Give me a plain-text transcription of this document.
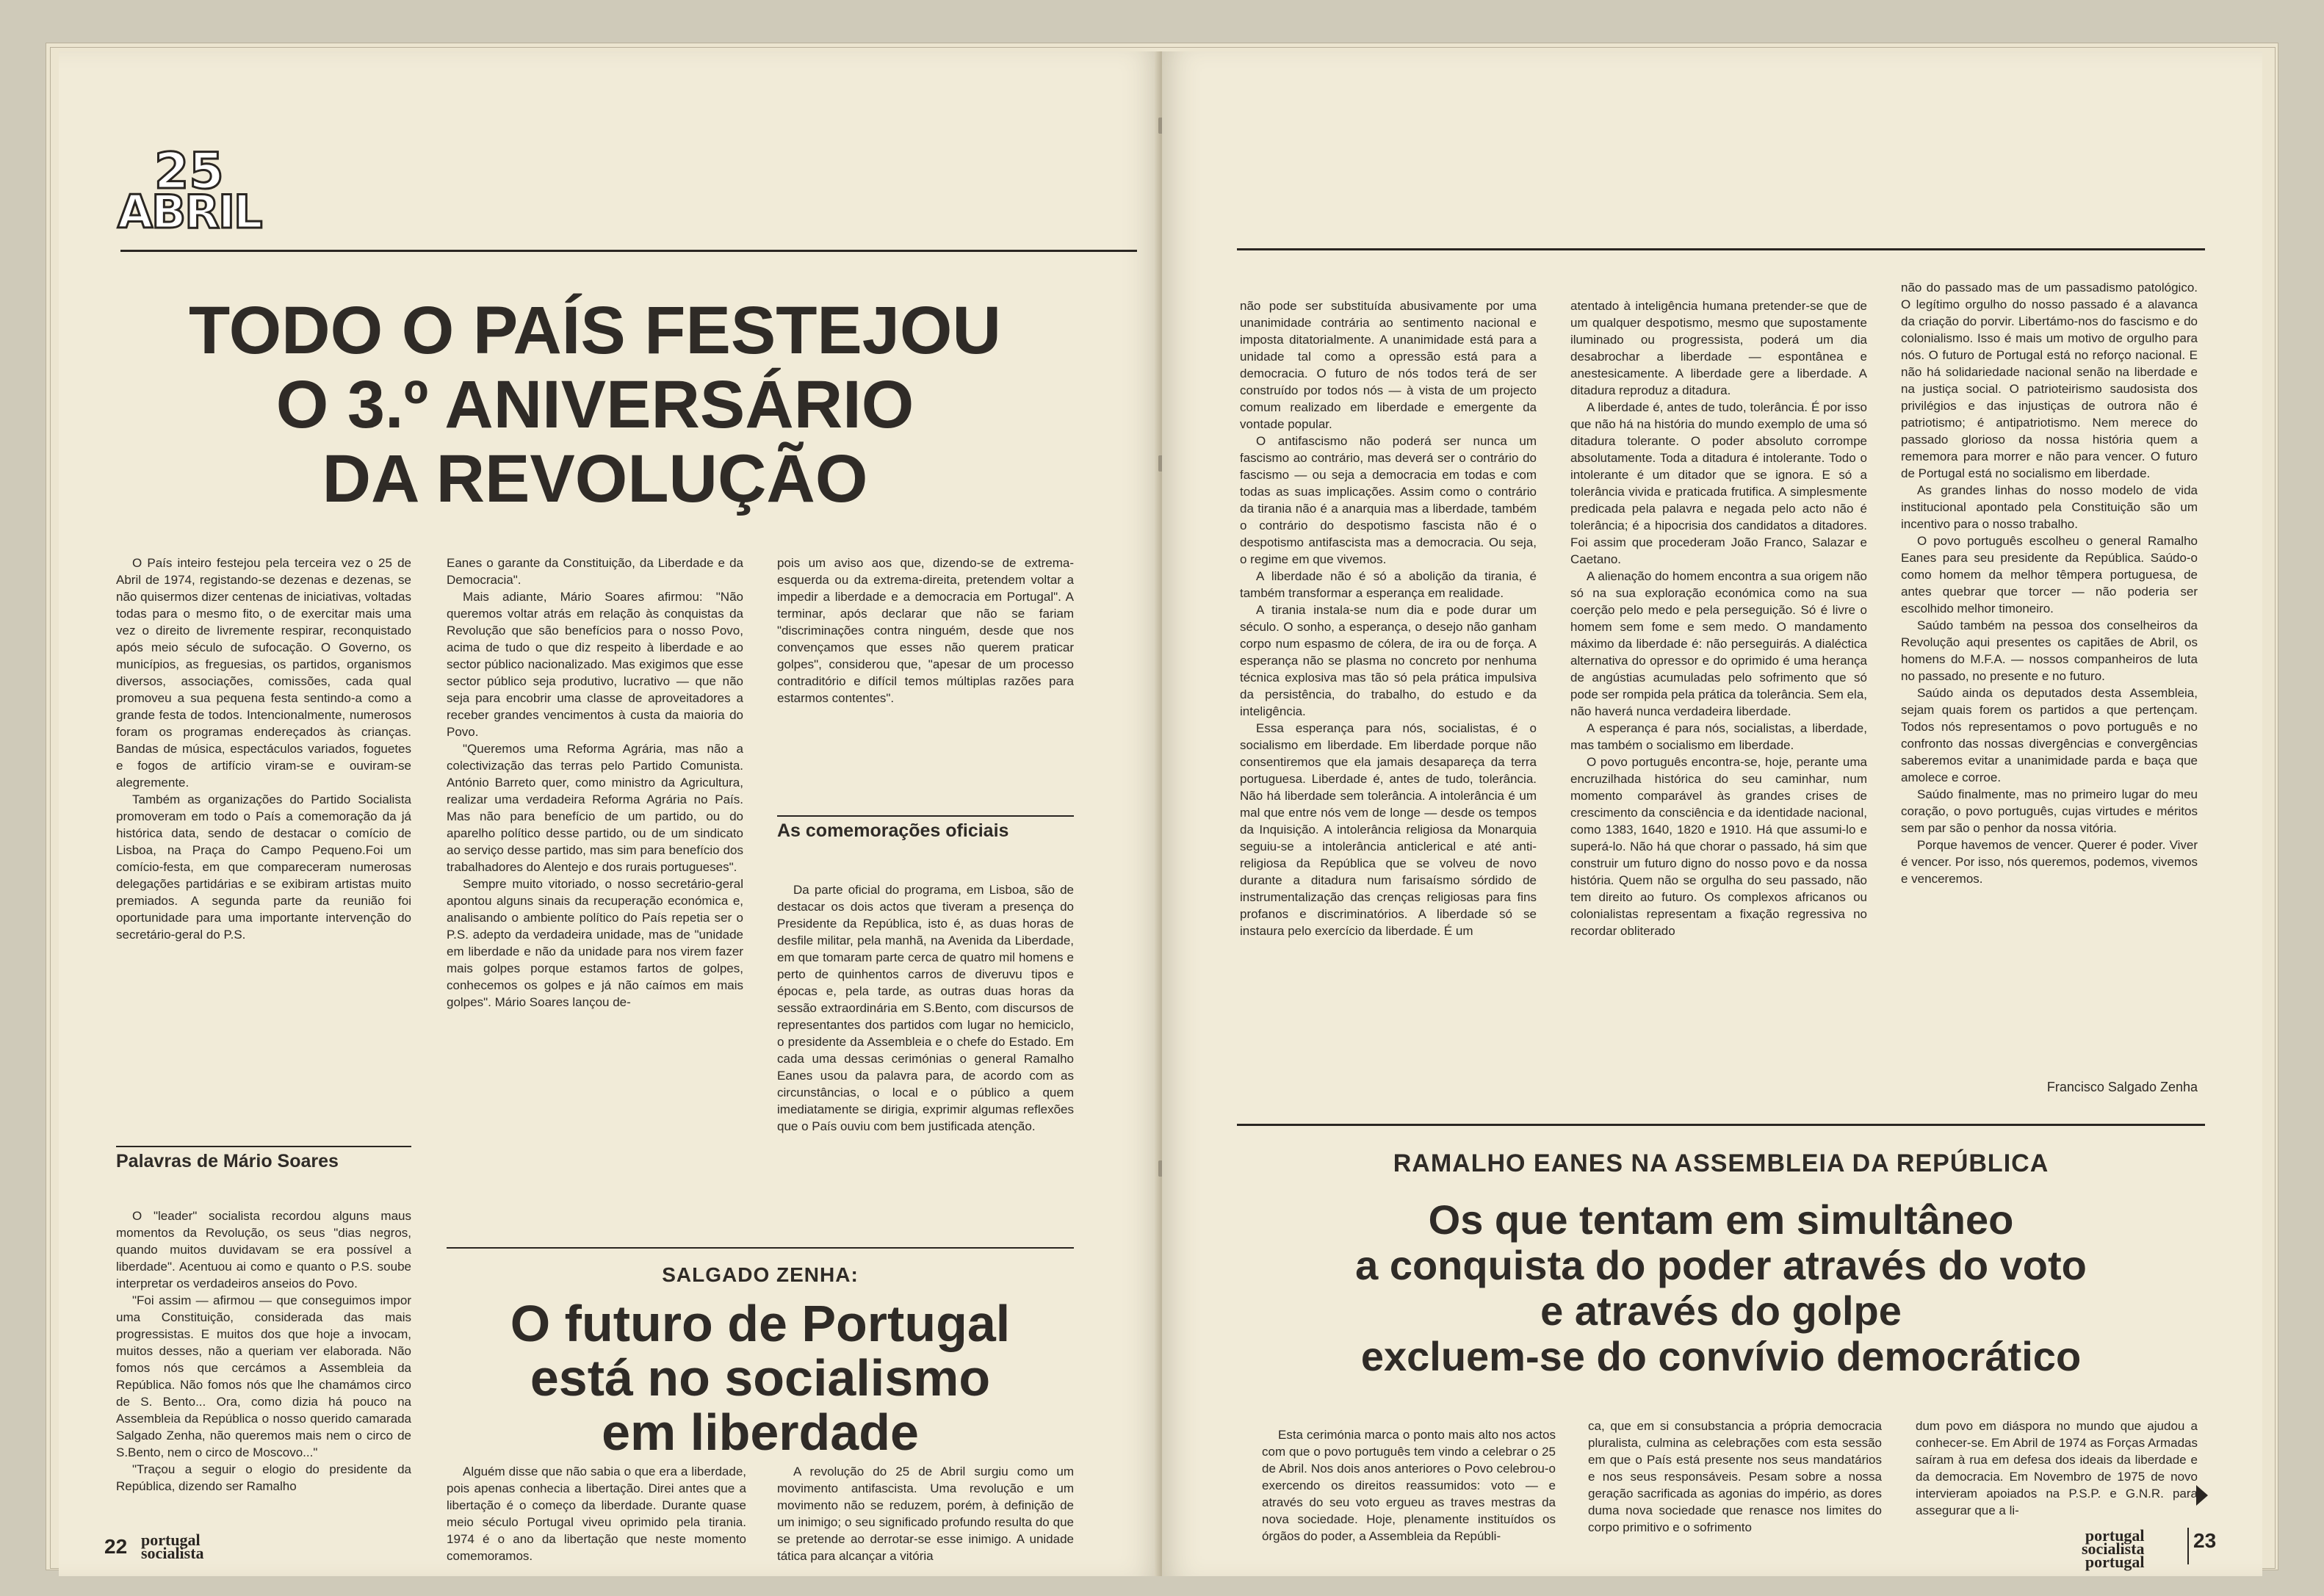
25
ABRIL
TODO O PAÍS FESTEJOU
O 3.º ANIVERSÁRIO
DA REVOLUÇÃO

O País inteiro festejou pela terceira vez o 25 de Abril de 1974, registando-se dezenas e dezenas, se não quisermos dizer centenas de iniciativas, voltadas todas para o mesmo fito, o de exercitar mais uma vez o direito de livremente respirar, reconquistado após meio século de sufocação. O Governo, os municípios, as freguesias, os partidos, organismos diversos, associações, comissões, cada qual promoveu a sua pequena festa sentindo-a como a grande festa de todos. Intencionalmente, numerosos foram os programas endereçados às crianças. Bandas de música, espectáculos variados, foguetes e fogos de artifício viram-se e ouviram-se alegremente.

Também as organizações do Partido Socialista promoveram em todo o País a comemoração da já histórica data, sendo de destacar o comício de Lisboa, na Praça do Campo Pequeno.Foi um comício-festa, em que compareceram numerosas delegações partidárias e se exibiram artistas muito premiados. A segunda parte da reunião foi oportunidade para uma importante intervenção do secretário-geral do P.S.

Palavras de Mário Soares

O "leader" socialista recordou alguns maus momentos da Revolução, os seus "dias negros, quando muitos duvidavam se era possível a liberdade". Acentuou ai como e quanto o P.S. soube interpretar os verdadeiros anseios do Povo.

"Foi assim — afirmou — que conseguimos impor uma Constituição, considerada das mais progressistas. E muitos dos que hoje a invocam, muitos desses, não a queriam ver elaborada. Não fomos nós que cercámos a Assembleia da República. Não fomos nós que lhe chamámos circo de S. Bento... Ora, como dizia há pouco na Assembleia da República o nosso querido camarada Salgado Zenha, não queremos mais nem o circo de S.Bento, nem o circo de Moscovo..."

"Traçou a seguir o elogio do presidente da República, dizendo ser Ramalho

Eanes o garante da Constituição, da Liberdade e da Democracia".

Mais adiante, Mário Soares afirmou: "Não queremos voltar atrás em relação às conquistas da Revolução que são benefícios para o nosso Povo, acima de tudo o que diz respeito à liberdade e ao sector público nacionalizado. Mas exigimos que esse sector público seja produtivo, lucrativo — que não seja para encobrir uma classe de aproveitadores a receber grandes vencimentos à custa da maioria do Povo.

"Queremos uma Reforma Agrária, mas não a colectivização das terras pelo Partido Comunista. António Barreto quer, como ministro da Agricultura, realizar uma verdadeira Reforma Agrária no País. Mas não para benefício de um partido, ou do aparelho político desse partido, ou de um sindicato ao serviço desse partido, mas sim para benefício dos trabalhadores do Alentejo e dos rurais portugueses".

Sempre muito vitoriado, o nosso secretário-geral apontou alguns sinais da recuperação económica e, analisando o ambiente político do País repetia ser o P.S. adepto da verdadeira unidade, mas de "unidade em liberdade e não da unidade para nos virem fazer mais golpes porque estamos fartos de golpes, conhecemos os golpes e já não caímos em mais golpes". Mário Soares lançou de-

pois um aviso aos que, dizendo-se de extrema-esquerda ou da extrema-direita, pretendem voltar a impedir a liberdade e a democracia em Portugal". A terminar, após declarar que não se fariam "discriminações contra ninguém, desde que nos convençamos que esses não querem praticar golpes", considerou que, "apesar de um processo contraditório e difícil temos múltiplas razões para estarmos contentes".

As comemorações oficiais

Da parte oficial do programa, em Lisboa, são de destacar os dois actos que tiveram a presença do Presidente da República, isto é, as duas horas de desfile militar, pela manhã, na Avenida da Liberdade, em que tomaram parte cerca de quatro mil homens e perto de quinhentos carros de diveruvu tipos e épocas e, pela tarde, as outras duas horas da sessão extraordinária em S.Bento, com discursos de representantes dos partidos com lugar no hemiciclo, o presidente da Assembleia e o chefe do Estado. Em cada uma dessas cerimónias o general Ramalho Eanes usou da palavra para, de acordo com as circunstâncias, o local e o público a quem imediatamente se dirigia, exprimir algumas reflexões que o País ouviu com bem justificada atenção.

SALGADO ZENHA:
O futuro de Portugal
está no socialismo
em liberdade

Alguém disse que não sabia o que era a liberdade, pois apenas conhecia a libertação. Direi antes que a libertação é o começo da liberdade. Durante quase meio século Portugal viveu oprimido pela tirania. 1974 é o ano da libertação que neste momento comemoramos.

A revolução do 25 de Abril surgiu como um movimento antifascista. Uma revolução e um movimento não se reduzem, porém, à definição de um inimigo; o seu significado profundo resulta do que se pretende ao derrotar-se esse inimigo. A unidade tática para alcançar a vitória

22 portugal
socialista

não pode ser substituída abusivamente por uma unanimidade contrária ao sentimento nacional e imposta ditatorialmente. A unanimidade está para a unidade tal como a opressão está para a democracia. O futuro de nós todos terá de ser construído por todos nós — à vista de um projecto comum realizado em liberdade e emergente da vontade popular.

O antifascismo não poderá ser nunca um fascismo ao contrário, mas deverá ser o contrário do fascismo — ou seja a democracia em todas e com todas as suas implicações. Assim como o contrário da tirania não é a anarquia mas a liberdade, também o contrário do despotismo fascista não é o despotismo antifascista mas a democracia. Ou seja, o regime em que vivemos.

A liberdade não é só a abolição da tirania, é também transformar a esperança em realidade.

A tirania instala-se num dia e pode durar um século. O sonho, a esperança, o desejo não ganham corpo num espasmo de cólera, de ira ou de força. A esperança não se plasma no concreto por nenhuma técnica explosiva mas tão só pela prática impulsiva da persistência, do trabalho, do estudo e da inteligência.

Essa esperança para nós, socialistas, é o socialismo em liberdade. Em liberdade porque não consentiremos que ela jamais desapareça da terra portuguesa. Liberdade é, antes de tudo, tolerância. Não há liberdade sem tolerância. A intolerância é um mal que entre nós vem de longe — desde os tempos da Inquisição. A intolerância religiosa da Monarquia seguiu-se a intolerância anticlerical e até anti-religiosa da República que se volveu de novo durante a ditadura num farisaísmo sórdido de instrumentalização das crenças religiosas para fins profanos e discriminatórios. A liberdade só se instaura pelo exercício da liberdade. É um

atentado à inteligência humana pretender-se que de um qualquer despotismo, mesmo que supostamente iluminado ou progressista, poderá um dia desabrochar a liberdade — espontânea e anestesicamente. A liberdade gere a liberdade. A ditadura reproduz a ditadura.

A liberdade é, antes de tudo, tolerância. É por isso que não há na história do mundo exemplo de uma só ditadura tolerante. O poder absoluto corrompe absolutamente. Toda a ditadura é intolerante. Todo o intolerante é um ditador que se ignora. E só a tolerância vivida e praticada frutifica. A simplesmente predicada pela palavra e negada pelo acto não é tolerância; é a hipocrisia dos candidatos a ditadores. Foi assim que procederam João Franco, Salazar e Caetano.

A alienação do homem encontra a sua origem não só na sua exploração económica como na sua coerção pelo medo e pela perseguição. Só é livre o homem sem fome e sem medo. O mandamento máximo da liberdade é: não perseguirás. A dialéctica alternativa do opressor e do oprimido é uma herança de angústias acumuladas pelo sofrimento que só pode ser rompida pela prática da tolerância. Sem ela, não haverá nunca verdadeira liberdade.

A esperança é para nós, socialistas, a liberdade, mas também o socialismo em liberdade.

O povo português encontra-se, hoje, perante uma encruzilhada histórica do seu caminhar, num momento comparável às grandes crises de crescimento da consciência e da identidade nacional, como 1383, 1640, 1820 e 1910. Há que assumi-lo e superá-lo. Não há que chorar o passado, há sim que construir um futuro digno do nosso povo e da nossa história. Quem não se orgulha do seu passado, não tem direito ao futuro. Os complexos africanos ou colonialistas representam a fixação regressiva no recordar obliterado

não do passado mas de um passadismo patológico. O legítimo orgulho do nosso passado é a alavanca da criação do porvir. Libertámo-nos do fascismo e do colonialismo. Isso é mais um motivo de orgulho para nós. O futuro de Portugal está no reforço nacional. E não há solidariedade nacional senão na liberdade e na justiça social. O patrioteirismo saudosista dos privilégios e das injustiças de outrora não é patriotismo; é antipatriotismo. Nem merece do passado glorioso da nossa história quem a rememora para morrer e não para vencer. O futuro de Portugal está no socialismo em liberdade.

As grandes linhas do nosso modelo de vida institucional apontado pela Constituição são um incentivo para o nosso trabalho.

O povo português escolheu o general Ramalho Eanes para seu presidente da República. Saúdo-o como homem da melhor têmpera portuguesa, de antes quebrar que torcer — não poderia ser escolhido melhor timoneiro.

Saúdo também na pessoa dos conselheiros da Revolução aqui presentes os capitães de Abril, os homens do M.F.A. — nossos companheiros de luta no passado, no presente e no futuro.

Saúdo ainda os deputados desta Assembleia, sejam quais forem os partidos a que pertençam. Todos nós representamos o povo português e no confronto das nossas divergências e convergências saberemos evitar a unanimidade parda e baça que amolece e corroe.

Saúdo finalmente, mas no primeiro lugar do meu coração, o povo português, cujas virtudes e méritos sem par são o penhor da nossa vitória.

Porque havemos de vencer. Querer é poder. Viver é vencer. Por isso, nós queremos, podemos, vivemos e venceremos.

Francisco Salgado Zenha
RAMALHO EANES NA ASSEMBLEIA DA REPÚBLICA
Os que tentam em simultâneo
a conquista do poder através do voto
e através do golpe
excluem-se do convívio democrático

Esta cerimónia marca o ponto mais alto nos actos com que o povo português tem vindo a celebrar o 25 de Abril. Nos dois anos anteriores o Povo celebrou-o exercendo os direitos reassumidos: voto — e através do seu voto ergueu as traves mestras da nova sociedade. Hoje, plenamente instituídos os órgãos do poder, a Assembleia da Repúbli-

ca, que em si consubstancia a própria democracia pluralista, culmina as celebrações com esta sessão em que o País está presente nos seus mandatários e nos seus responsáveis. Pesam sobre a nossa geração sacrificada as agonias do império, as dores duma nova sociedade que renasce nos limites do corpo primitivo e o sofrimento

dum povo em diáspora no mundo que ajudou a conhecer-se. Em Abril de 1974 as Forças Armadas saíram à rua em defesa dos ideais da liberdade e da democracia. Em Novembro de 1975 de novo intervieram apoiados na P.S.P. e G.N.R. para assegurar que a li-

portugal
socialista
portugal
23
